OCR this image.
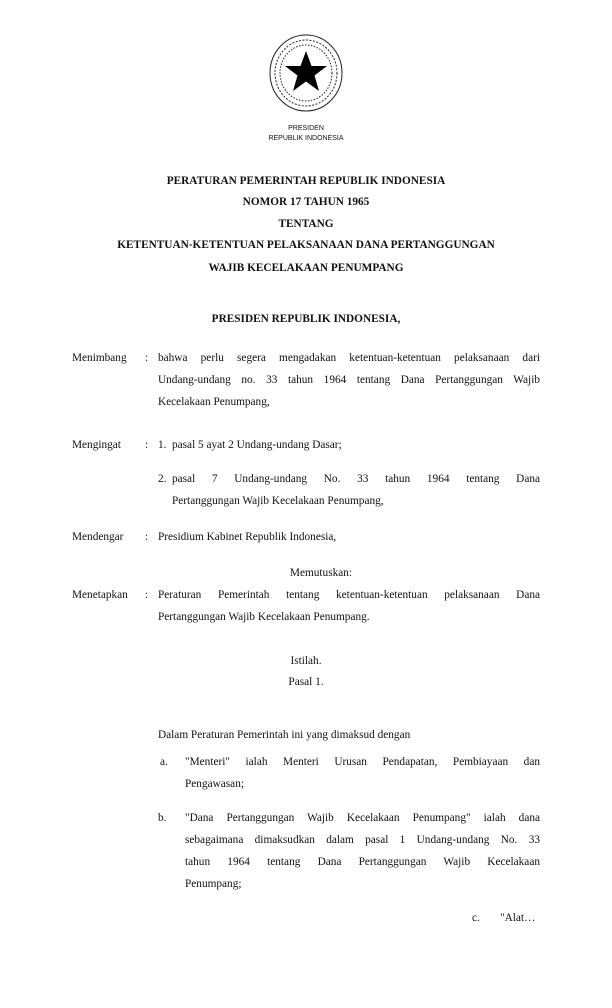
PRESIDEN
REPUBLIK INDONESIA
PERATURAN PEMERINTAH REPUBLIK INDONESIA
NOMOR 17 TAHUN 1965
TENTANG
KETENTUAN-KETENTUAN PELAKSANAAN DANA PERTANGGUNGAN
WAJIB KECELAKAAN PENUMPANG
PRESIDEN REPUBLIK INDONESIA,
Menimbang : bahwa perlu segera mengadakan ketentuan-ketentuan pelaksanaan dari
Undang-undang no. 33 tahun 1964 tentang Dana Pertanggungan Wajib
Kecelakaan Penumpang,
Mengingat : 1. pasal 5 ayat 2 Undang-undang Dasar;
2. pasal 7 Undang-undang No. 33 tahun 1964 tentang Dana
Pertanggungan Wajib Kecelakaan Penumpang,
Mendengar : Presidium Kabinet Republik Indonesia,
Memutuskan:
Menetapkan : Peraturan Pemerintah tentang ketentuan-ketentuan pelaksanaan Dana
Pertanggungan Wajib Kecelakaan Penumpang.
Istilah.
Pasal 1.
Dalam Peraturan Pemerintah ini yang dimaksud dengan
a. "Menteri" ialah Menteri Urusan Pendapatan, Pembiayaan dan
Pengawasan;
b. "Dana Pertanggungan Wajib Kecelakaan Penumpang" ialah dana
sebagaimana dimaksudkan dalam pasal 1 Undang-undang No. 33
tahun 1964 tentang Dana Pertanggungan Wajib Kecelakaan
Penumpang;
c. "Alat…
